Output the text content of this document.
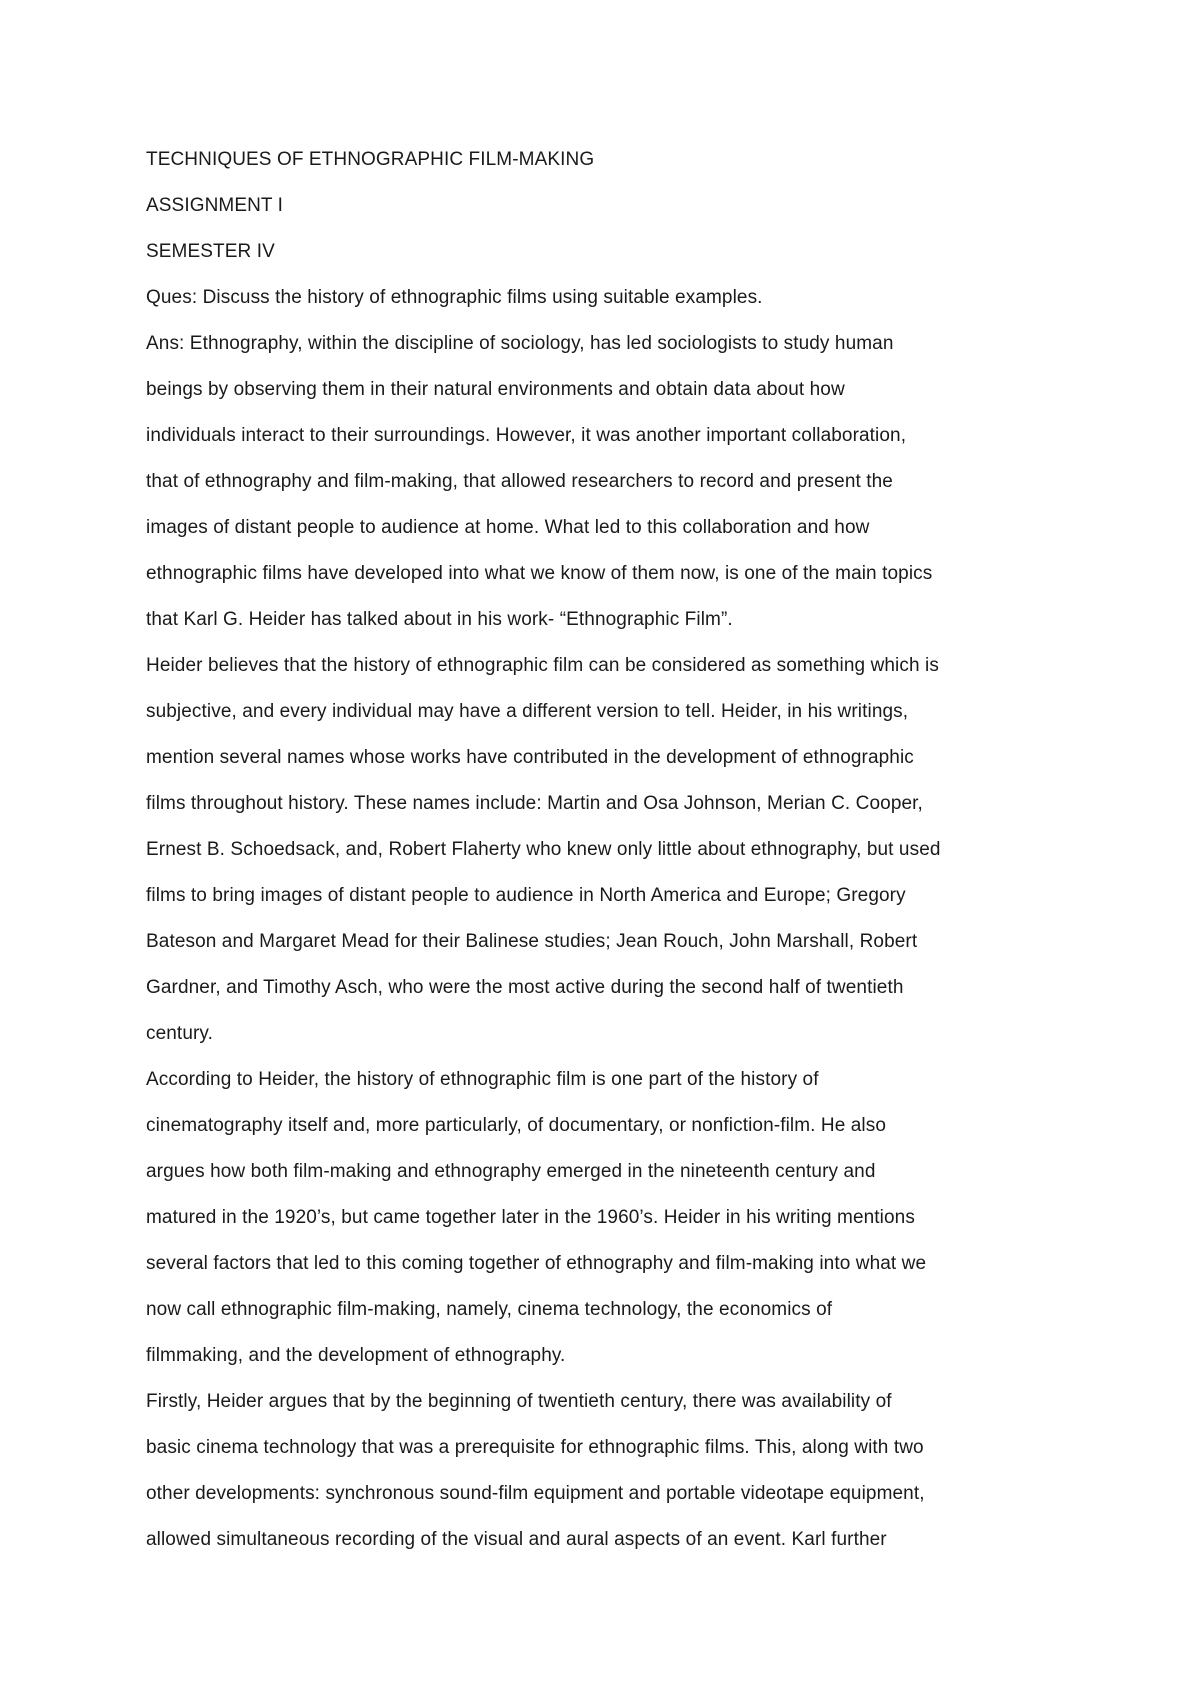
TECHNIQUES OF ETHNOGRAPHIC FILM-MAKING

ASSIGNMENT I

SEMESTER IV

Ques: Discuss the history of ethnographic films using suitable examples.

Ans: Ethnography, within the discipline of sociology, has led sociologists to study human

beings by observing them in their natural environments and obtain data about how

individuals interact to their surroundings. However, it was another important collaboration,

that of ethnography and film-making, that allowed researchers to record and present the

images of distant people to audience at home. What led to this collaboration and how

ethnographic films have developed into what we know of them now, is one of the main topics

that Karl G. Heider has talked about in his work- “Ethnographic Film”.

Heider believes that the history of ethnographic film can be considered as something which is

subjective, and every individual may have a different version to tell. Heider, in his writings,

mention several names whose works have contributed in the development of ethnographic

films throughout history. These names include: Martin and Osa Johnson, Merian C. Cooper,

Ernest B. Schoedsack, and, Robert Flaherty who knew only little about ethnography, but used

films to bring images of distant people to audience in North America and Europe; Gregory

Bateson and Margaret Mead for their Balinese studies; Jean Rouch, John Marshall, Robert

Gardner, and Timothy Asch, who were the most active during the second half of twentieth

century.

According to Heider, the history of ethnographic film is one part of the history of

cinematography itself and, more particularly, of documentary, or nonfiction-film. He also

argues how both film-making and ethnography emerged in the nineteenth century and

matured in the 1920’s, but came together later in the 1960’s. Heider in his writing mentions

several factors that led to this coming together of ethnography and film-making into what we

now call ethnographic film-making, namely, cinema technology, the economics of

filmmaking, and the development of ethnography.

Firstly, Heider argues that by the beginning of twentieth century, there was availability of

basic cinema technology that was a prerequisite for ethnographic films. This, along with two

other developments: synchronous sound-film equipment and portable videotape equipment,

allowed simultaneous recording of the visual and aural aspects of an event. Karl further
